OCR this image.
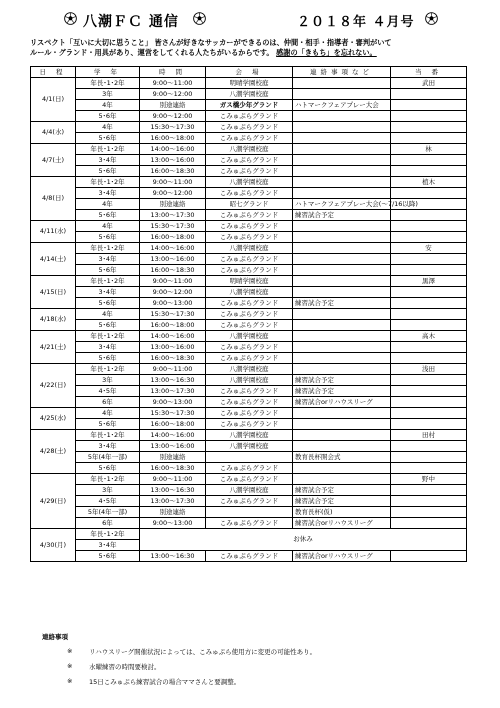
八潮ＦＣ 通信	２０１８年 ４月号
リスペクト「互いに大切に思うこと」 皆さんが好きなサッカーができるのは、仲間・相手・指導者・審判がいて
ルール・グランド・用具があり、運営をしてくれる人たちがいるからです。 感謝の「きもち」を忘れない。
日 程	学 年	時 間	会 場	連絡事項など	当 番
4/1(日)	年長･1･2年	9:00～11:00	明晴学園校庭		武田
	3年	9:00～12:00	八潮学園校庭		
	4年	別途連絡	ガス橋少年グランド	ハトマークフェアプレー大会	
	5･6年	9:00～12:00	こみゅぷらグランド		
4/4(水)	4年	15:30～17:30	こみゅぷらグランド		
	5･6年	16:00～18:00	こみゅぷらグランド		
4/7(土)	年長･1･2年	14:00～16:00	八潮学園校庭		林
	3･4年	13:00～16:00	こみゅぷらグランド		
	5･6年	16:00～18:30	こみゅぷらグランド		
4/8(日)	年長･1･2年	9:00～11:00	八潮学園校庭		植木
	3･4年	9:00～12:00	こみゅぷらグランド		
	4年	別途連絡	昭七グランド	ハトマークフェアプレー大会(～7/16以降)	
	5･6年	13:00～17:30	こみゅぷらグランド	練習試合予定	
4/11(水)	4年	15:30～17:30	こみゅぷらグランド		
	5･6年	16:00～18:00	こみゅぷらグランド		
4/14(土)	年長･1･2年	14:00～16:00	八潮学園校庭		安
	3･4年	13:00～16:00	こみゅぷらグランド		
	5･6年	16:00～18:30	こみゅぷらグランド		
4/15(日)	年長･1･2年	9:00～11:00	明晴学園校庭		黒澤
	3･4年	9:00～12:00	八潮学園校庭		
	5･6年	9:00～13:00	こみゅぷらグランド	練習試合予定	
4/18(水)	4年	15:30～17:30	こみゅぷらグランド		
	5･6年	16:00～18:00	こみゅぷらグランド		
4/21(土)	年長･1･2年	14:00～16:00	八潮学園校庭		高木
	3･4年	13:00～16:00	こみゅぷらグランド		
	5･6年	16:00～18:30	こみゅぷらグランド		
4/22(日)	年長･1･2年	9:00～11:00	八潮学園校庭		浅田
	3年	13:00～16:30	八潮学園校庭	練習試合予定	
	4･5年	13:00～17:30	こみゅぷらグランド	練習試合予定	
	6年	9:00～13:00	こみゅぷらグランド	練習試合orリハウスリーグ	
4/25(水)	4年	15:30～17:30	こみゅぷらグランド		
	5･6年	16:00～18:00	こみゅぷらグランド		
4/28(土)	年長･1･2年	14:00～16:00	八潮学園校庭		田村
	3･4年	13:00～16:00	八潮学園校庭		
	5年(4年一部)	別途連絡		教育長杯開会式	
	5･6年	16:00～18:30	こみゅぷらグランド		
4/29(日)	年長･1･2年	9:00～11:00	こみゅぷらグランド		野中
	3年	13:00～16:30	八潮学園校庭	練習試合予定	
	4･5年	13:00～17:30	こみゅぷらグランド	練習試合予定	
	5年(4年一部)	別途連絡		教育長杯(仮)	
	6年	9:00～13:00	こみゅぷらグランド	練習試合orリハウスリーグ	
4/30(月)	年長･1･2年	お休み			
	3･4年				
	5･6年	13:00～16:30	こみゅぷらグランド	練習試合orリハウスリーグ	
連絡事項
※	リハウスリーグ開催状況によっては、こみゅぷら使用方に変更の可能性あり。
※	水曜練習の時間要検討。
※	15日こみゅぷら練習試合の場合ママさんと要調整。
